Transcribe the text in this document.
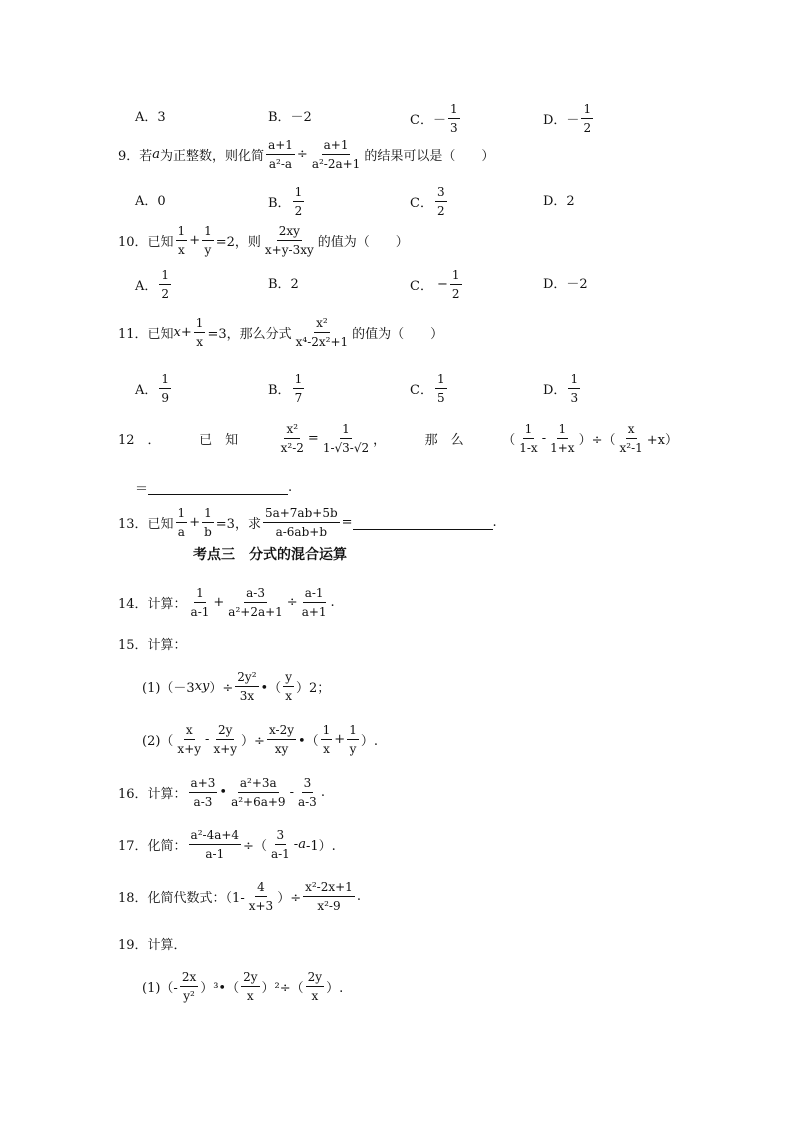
A．3	B．－2	C．－
1
3	D．－
1
2
9．若 a 为正整数，则化简 $\frac{a+1}{\text{a²-a}} \div \frac{a+1}{\text{a²-2a+1}}$ 的结果可以是（　　）
A．0	B．
1
2	C．
3
2
D．2
10．已知
1
x
+ $\frac{1}{y} =2$，则
2xy
x+y-3xy 的值为（　　）
A．
1
2
B．2	C． − $\frac{1}{2}$	D．－2
11．已知 $x + \frac{1}{x} =3$，那么分式
x²
x⁴-2x²+1 的值为（　　）
A．
1
9	B．
1
7	C．
1
5	D．
1
3
12　．	已　知	$\frac{\text{x²}}{\text{x²-2}} = \frac{1}{1-√3-√2}$ ，	那　么	（
1
1-x
-
1
1+x ）÷（
x
x²-1 +x）
＝	.
13．已知
1
a
+ $\frac{1}{b} =3$，求 $\frac{5a+7ab+5b}{a-6ab+b}$ =	.
考点三　分式的混合运算
14．计算：
1
a-1
+ $\frac{a-3}{\text{a²+2a+1}} \div \frac{a-1}{a+1}$ .
15．计算：
(1)（－3 xy ）÷ $\frac{\text{2y²}}{3x}$ •（
y
x ）2；
(2)（
x
x+y
-
2y
x+y ）÷ $\frac{x-2y}{xy}$ •（
1
x
+ $\frac{1}{y}$ ）.
16．计算：
a+3
a-3
•
a²+3a
a²+6a+9
-
3
a-3
.
17．化简： $\frac{\text{a²-4a+4}}{a-1}$ ÷（
3
a-1
- a -1）.
18．化简代数式：（1-
4
x+3 ）÷ $\frac{\text{x²-2x+1}}{\text{x²-9}}$ .
19．计算．
(1)（-
2x
y² ）³•（
2y
x ）²÷（
2y
x ）.
